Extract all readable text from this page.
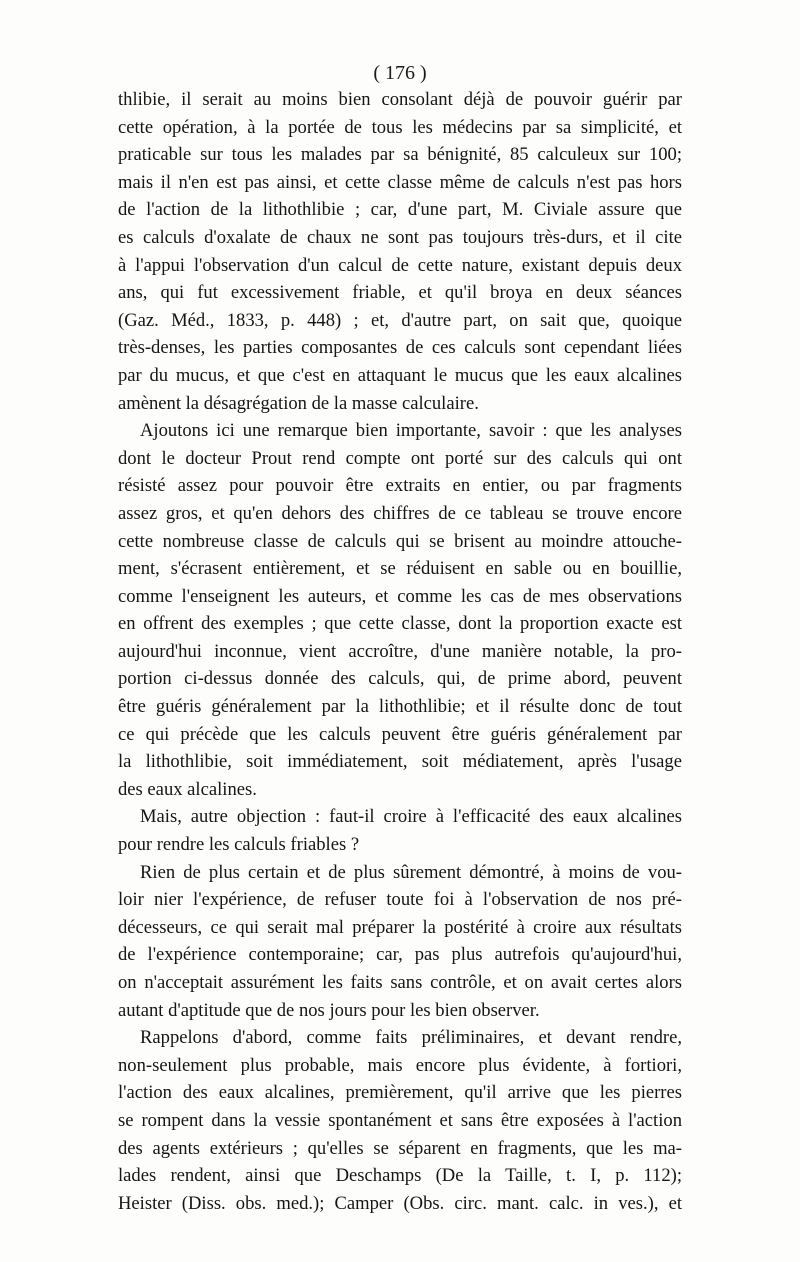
( 176 )
thlibie, il serait au moins bien consolant déjà de pouvoir guérir par
cette opération, à la portée de tous les médecins par sa simplicité, et
praticable sur tous les malades par sa bénignité, 85 calculeux sur 100;
mais il n'en est pas ainsi, et cette classe même de calculs n'est pas hors
de l'action de la lithothlibie ; car, d'une part, M. Civiale assure que
es calculs d'oxalate de chaux ne sont pas toujours très-durs, et il cite
à l'appui l'observation d'un calcul de cette nature, existant depuis deux
ans, qui fut excessivement friable, et qu'il broya en deux séances
(Gaz. Méd., 1833, p. 448) ; et, d'autre part, on sait que, quoique
très-denses, les parties composantes de ces calculs sont cependant liées
par du mucus, et que c'est en attaquant le mucus que les eaux alcalines
amènent la désagrégation de la masse calculaire.
Ajoutons ici une remarque bien importante, savoir : que les analyses
dont le docteur Prout rend compte ont porté sur des calculs qui ont
résisté assez pour pouvoir être extraits en entier, ou par fragments
assez gros, et qu'en dehors des chiffres de ce tableau se trouve encore
cette nombreuse classe de calculs qui se brisent au moindre attouche-
ment, s'écrasent entièrement, et se réduisent en sable ou en bouillie,
comme l'enseignent les auteurs, et comme les cas de mes observations
en offrent des exemples ; que cette classe, dont la proportion exacte est
aujourd'hui inconnue, vient accroître, d'une manière notable, la pro-
portion ci-dessus donnée des calculs, qui, de prime abord, peuvent
être guéris généralement par la lithothlibie; et il résulte donc de tout
ce qui précède que les calculs peuvent être guéris généralement par
la lithothlibie, soit immédiatement, soit médiatement, après l'usage
des eaux alcalines.
Mais, autre objection : faut-il croire à l'efficacité des eaux alcalines
pour rendre les calculs friables ?
Rien de plus certain et de plus sûrement démontré, à moins de vou-
loir nier l'expérience, de refuser toute foi à l'observation de nos pré-
décesseurs, ce qui serait mal préparer la postérité à croire aux résultats
de l'expérience contemporaine; car, pas plus autrefois qu'aujourd'hui,
on n'acceptait assurément les faits sans contrôle, et on avait certes alors
autant d'aptitude que de nos jours pour les bien observer.
Rappelons d'abord, comme faits préliminaires, et devant rendre,
non-seulement plus probable, mais encore plus évidente, à fortiori,
l'action des eaux alcalines, premièrement, qu'il arrive que les pierres
se rompent dans la vessie spontanément et sans être exposées à l'action
des agents extérieurs ; qu'elles se séparent en fragments, que les ma-
lades rendent, ainsi que Deschamps (De la Taille, t. I, p. 112);
Heister (Diss. obs. med.); Camper (Obs. circ. mant. calc. in ves.), et
